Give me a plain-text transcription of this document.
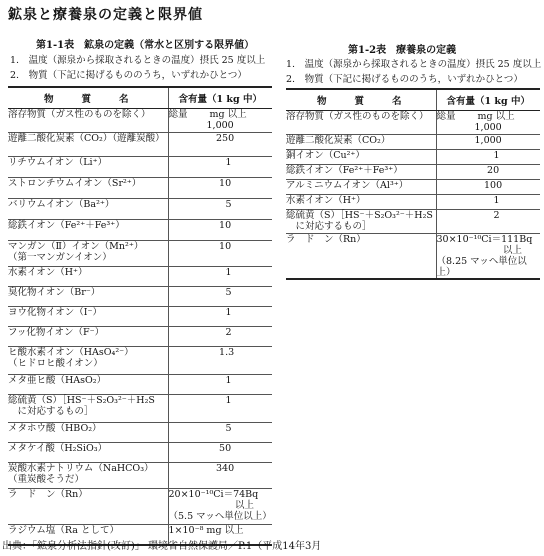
鉱泉と療養泉の定義と限界値
第1-1表　鉱泉の定義（常水と区別する限界値）
1.　温度（源泉から採取されるときの温度）摂氏 25 度以上
2.　物質（下記に掲げるもののうち，いずれかひとつ）
物　　質　　名	含有量（1 kg 中）
溶存物質（ガス性のものを除く）	総量　　 mg 以上
　　　　1,000
遊離二酸化炭素（CO₂）（遊離炭酸）	　　　　　250
リチウムイオン（Li⁺）	　　　　　　1
ストロンチウムイオン（Sr²⁺）	　　　　　 10
バリウムイオン（Ba²⁺）	　　　　　　5
総鉄イオン（Fe²⁺＋Fe³⁺）	　　　　　 10
マンガン（Ⅱ）イオン（Mn²⁺）
（第一マンガンイオン）	　　　　　 10
水素イオン（H⁺）	　　　　　　1
臭化物イオン（Br⁻）	　　　　　　5
ヨウ化物イオン（I⁻）	　　　　　　1
フッ化物イオン（F⁻）	　　　　　　2
ヒ酸水素イオン（HAsO₄²⁻）
（ヒドロヒ酸イオン）	　　　　　 1.3
メタ亜ヒ酸（HAsO₂）	　　　　　　1
総硫黄（S）［HS⁻＋S₂O₃²⁻＋H₂S
　に対応するもの］	　　　　　　1
メタホウ酸（HBO₂）	　　　　　　5
メタケイ酸（H₂SiO₃）	　　　　　 50
炭酸水素ナトリウム（NaHCO₃）
（重炭酸そうだ）	　　　　　340
ラ　ド　ン（Rn）	20×10⁻¹⁰Ci＝74Bq
　　　　　　　以上
（5.5 マッヘ単位以上）
ラジウム塩（Ra として）	1×10⁻⁸ mg 以上
第1-2表　療養泉の定義
1.　温度（源泉から採取されるときの温度）摂氏 25 度以上
2.　物質（下記に掲げるもののうち，いずれかひとつ）
物　　質　　名	含有量（1 kg 中）
溶存物質（ガス性のものを除く）	総量　　 mg 以上
　　　　1,000
遊離二酸化炭素（CO₂）	　　　　1,000
銅イオン（Cu²⁺）	　　　　　　1
総鉄イオン（Fe²⁺＋Fe³⁺）	　　　　　 20
アルミニウムイオン（Al³⁺）	　　　　　100
水素イオン（H⁺）	　　　　　　1
総硫黄（S）［HS⁻＋S₂O₃²⁻＋H₂S
　に対応するもの］	　　　　　　2
ラ　ド　ン（Rn）	30×10⁻¹⁰Ci＝111Bq
　　　　　　　以上
（8.25 マッヘ単位以上）
出典：「鉱泉分析法指針(改訂)」 環境省自然保護局／P.1（平成14年3月
